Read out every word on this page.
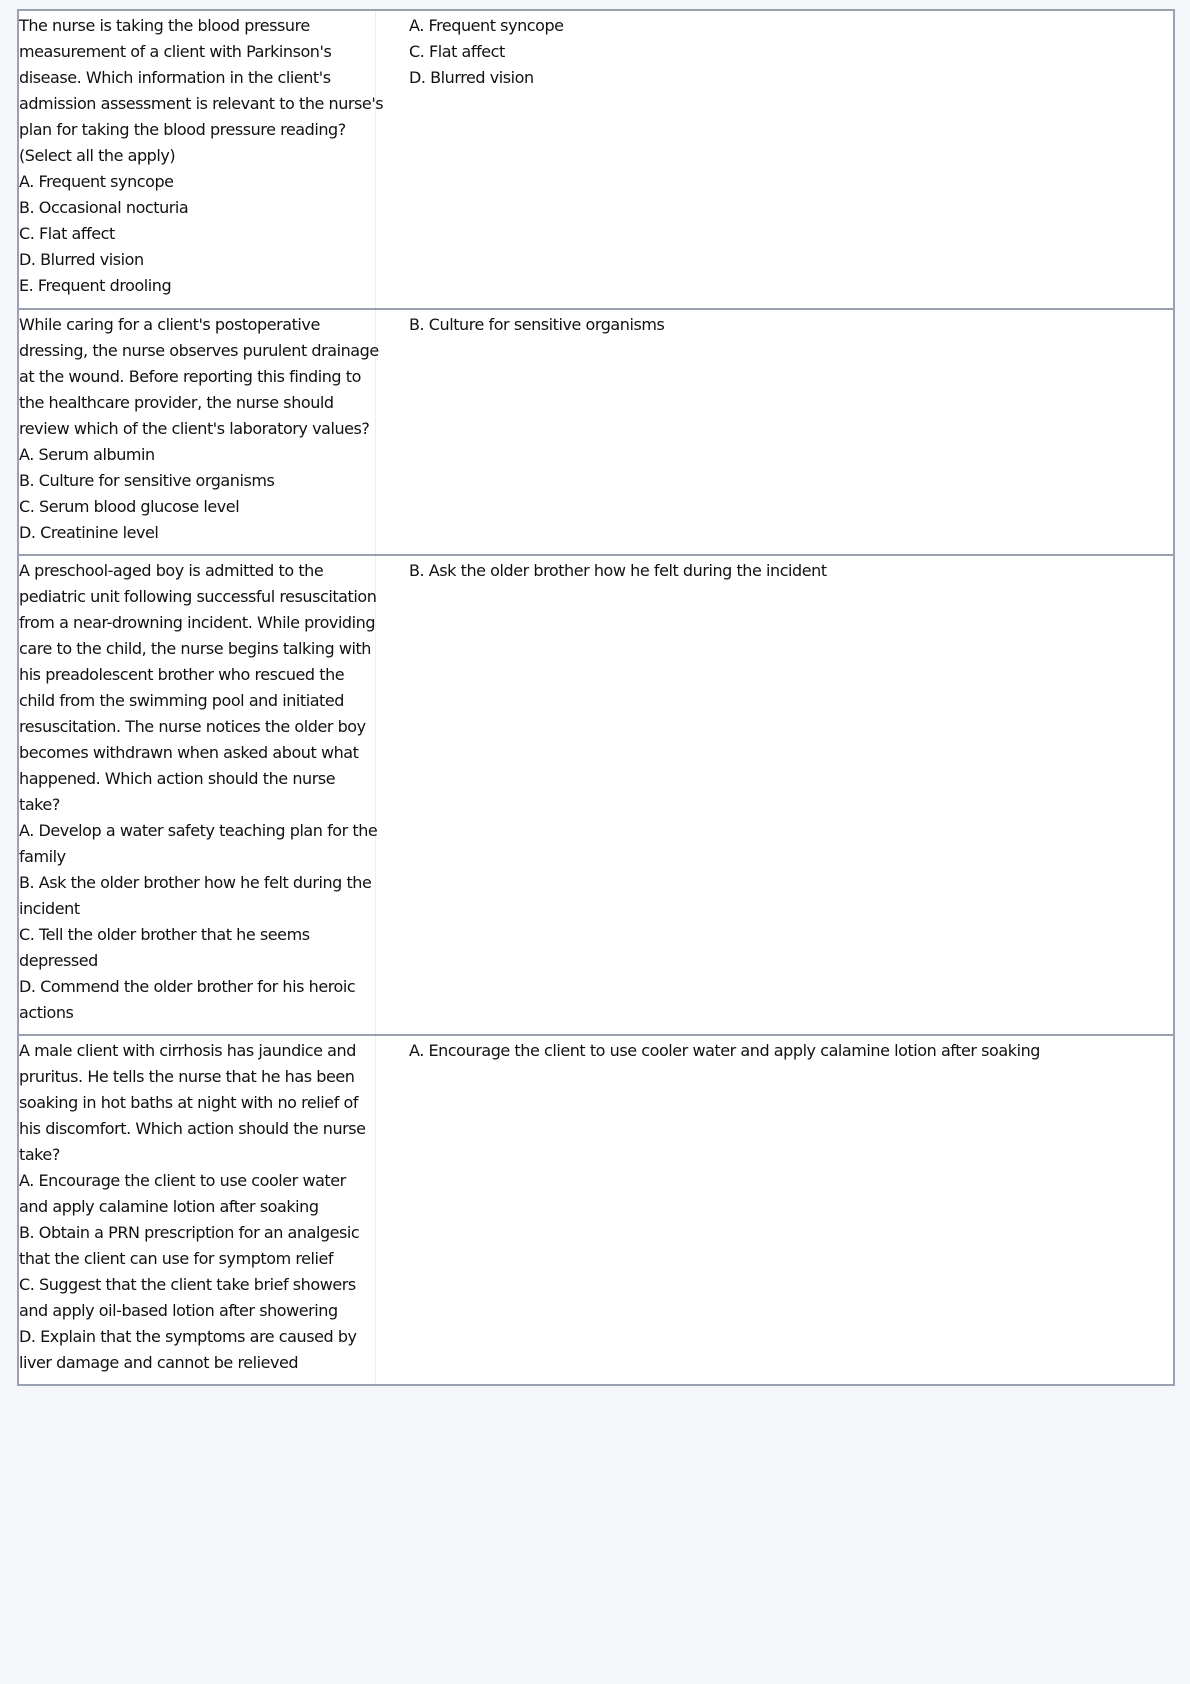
The nurse is taking the blood pressure
measurement of a client with Parkinson's
disease. Which information in the client's
admission assessment is relevant to the nurse's
plan for taking the blood pressure reading?
(Select all the apply)
A. Frequent syncope
B. Occasional nocturia
C. Flat affect
D. Blurred vision
E. Frequent drooling
A. Frequent syncope
C. Flat affect
D. Blurred vision
While caring for a client's postoperative
dressing, the nurse observes purulent drainage
at the wound. Before reporting this finding to
the healthcare provider, the nurse should
review which of the client's laboratory values?
A. Serum albumin
B. Culture for sensitive organisms
C. Serum blood glucose level
D. Creatinine level
B. Culture for sensitive organisms
A preschool-aged boy is admitted to the
pediatric unit following successful resuscitation
from a near-drowning incident. While providing
care to the child, the nurse begins talking with
his preadolescent brother who rescued the
child from the swimming pool and initiated
resuscitation. The nurse notices the older boy
becomes withdrawn when asked about what
happened. Which action should the nurse
take?
A. Develop a water safety teaching plan for the
family
B. Ask the older brother how he felt during the
incident
C. Tell the older brother that he seems
depressed
D. Commend the older brother for his heroic
actions
B. Ask the older brother how he felt during the incident
A male client with cirrhosis has jaundice and
pruritus. He tells the nurse that he has been
soaking in hot baths at night with no relief of
his discomfort. Which action should the nurse
take?
A. Encourage the client to use cooler water
and apply calamine lotion after soaking
B. Obtain a PRN prescription for an analgesic
that the client can use for symptom relief
C. Suggest that the client take brief showers
and apply oil-based lotion after showering
D. Explain that the symptoms are caused by
liver damage and cannot be relieved
A. Encourage the client to use cooler water and apply calamine lotion after soaking
